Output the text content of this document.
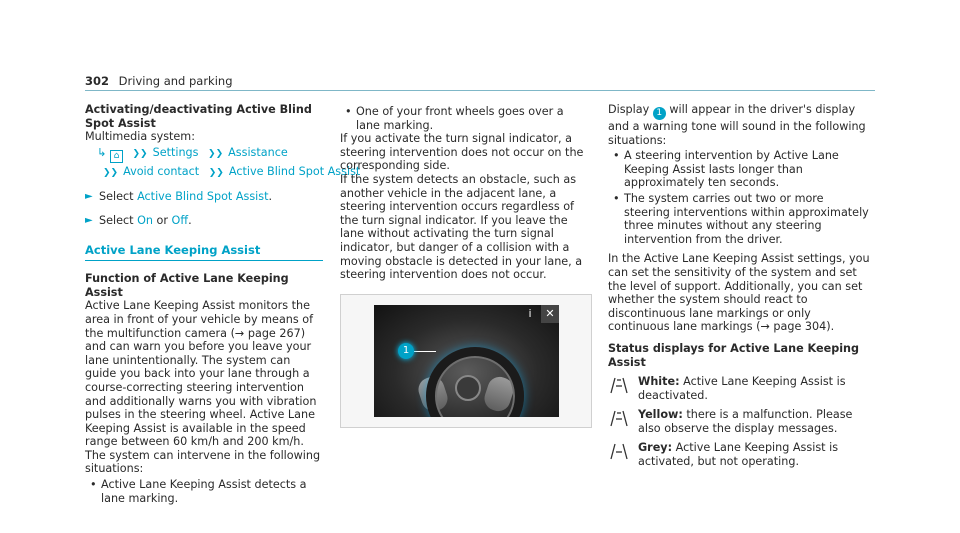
302 Driving and parking

Activating/deactivating Active Blind Spot Assist

Multimedia system:

↳ ⌂ ❯❯ Settings ❯❯ Assistance
❯❯ Avoid contact ❯❯ Active Blind Spot Assist
► Select Active Blind Spot Assist.
► Select On or Off.
Active Lane Keeping Assist

Function of Active Lane Keeping Assist

Active Lane Keeping Assist monitors the area in front of your vehicle by means of the multifunction camera (→ page 267) and can warn you before you leave your lane unintentionally. The system can guide you back into your lane through a course-correcting steering intervention and additionally warns you with vibration pulses in the steering wheel. Active Lane Keeping Assist is available in the speed range between 60 km/h and 200 km/h.

The system can intervene in the following situations:

• Active Lane Keeping Assist detects a lane marking.
• One of your front wheels goes over a lane marking.

If you activate the turn signal indicator, a steering intervention does not occur on the corresponding side.

If the system detects an obstacle, such as another vehicle in the adjacent lane, a steering intervention occurs regardless of the turn signal indicator. If you leave the lane without activating the turn signal indicator, but danger of a collision with a moving obstacle is detected in your lane, a steering intervention does not occur.

1
i	✕

Display 1 will appear in the driver's display and a warning tone will sound in the following situations:

• A steering intervention by Active Lane Keeping Assist lasts longer than approximately ten seconds.
• The system carries out two or more steering interventions within approximately three minutes without any steering intervention from the driver.

In the Active Lane Keeping Assist settings, you can set the sensitivity of the system and set the level of support. Additionally, you can set whether the system should react to discontinuous lane markings or only continuous lane markings (→ page 304).

Status displays for Active Lane Keeping Assist

White: Active Lane Keeping Assist is deactivated.
Yellow: there is a malfunction. Please also observe the display messages.
Grey: Active Lane Keeping Assist is activated, but not operating.
